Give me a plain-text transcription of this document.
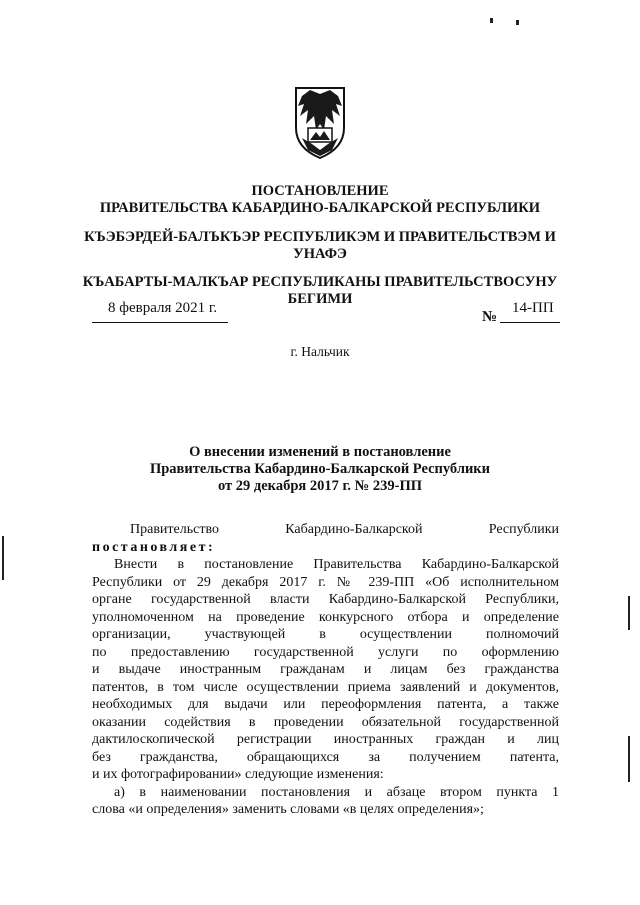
ПОСТАНОВЛЕНИЕ
ПРАВИТЕЛЬСТВА КАБАРДИНО-БАЛКАРСКОЙ РЕСПУБЛИКИ
КЪЭБЭРДЕЙ-БАЛЪКЪЭР РЕСПУБЛИКЭМ И ПРАВИТЕЛЬСТВЭМ И
УНАФЭ
КЪАБАРТЫ-МАЛКЪАР РЕСПУБЛИКАНЫ ПРАВИТЕЛЬСТВОСУНУ
БЕГИМИ
8 февраля 2021 г.
№
14-ПП
г. Нальчик
О внесении изменений в постановление
Правительства Кабардино-Балкарской Республики
от 29 декабря 2017 г. № 239-ПП
Правительство	Кабардино-Балкарской	Республики
постановляет:
Внести в постановление Правительства Кабардино-Балкарской
Республики от 29 декабря 2017 г. № 239-ПП «Об исполнительном
органе государственной власти Кабардино-Балкарской Республики,
уполномоченном на проведение конкурсного отбора и определение
организации, участвующей в осуществлении полномочий
по предоставлению государственной услуги по оформлению
и выдаче иностранным гражданам и лицам без гражданства
патентов, в том числе осуществлении приема заявлений и документов,
необходимых для выдачи или переоформления патента, а также
оказании содействия в проведении обязательной государственной
дактилоскопической регистрации иностранных граждан и лиц
без гражданства, обращающихся за получением патента,
и их фотографировании» следующие изменения:
а) в наименовании постановления и абзаце втором пункта 1
слова «и определения» заменить словами «в целях определения»;
